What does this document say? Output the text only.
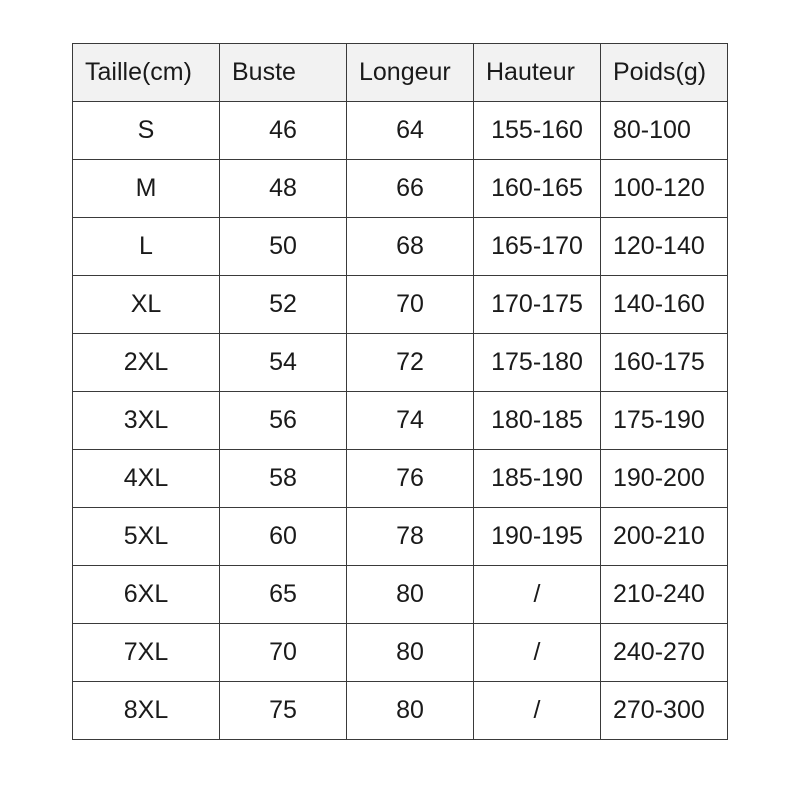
Taille(cm)	Buste	Longeur	Hauteur	Poids(g)
S	46	64	155-160	80-100
M	48	66	160-165	100-120
L	50	68	165-170	120-140
XL	52	70	170-175	140-160
2XL	54	72	175-180	160-175
3XL	56	74	180-185	175-190
4XL	58	76	185-190	190-200
5XL	60	78	190-195	200-210
6XL	65	80	/	210-240
7XL	70	80	/	240-270
8XL	75	80	/	270-300
